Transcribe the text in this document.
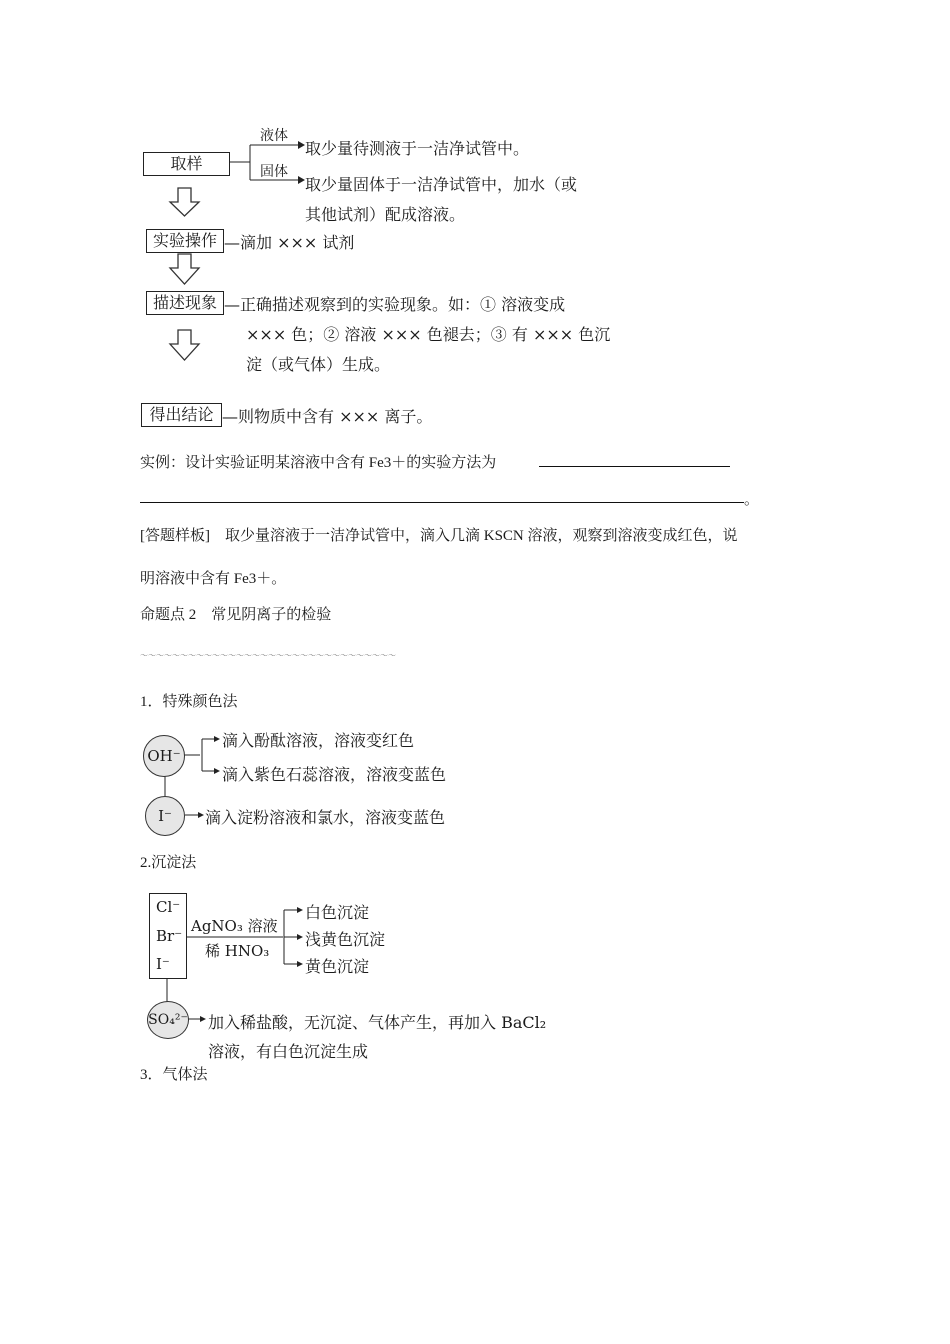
取样
液体
固体
取少量待测液于一洁净试管中。
取少量固体于一洁净试管中，加水（或
其他试剂）配成溶液。
实验操作 —滴加 ××× 试剂
描述现象 —正确描述观察到的实验现象。如：① 溶液变成
××× 色；② 溶液 ××× 色褪去；③ 有 ××× 色沉
淀（或气体）生成。
得出结论 —则物质中含有 ××× 离子。
实例：设计实验证明某溶液中含有 Fe3＋的实验方法为
。
[答题样板]　取少量溶液于一洁净试管中，滴入几滴 KSCN 溶液，观察到溶液变成红色，说
明溶液中含有 Fe3＋。
命题点 2　常见阴离子的检验
～～～～～～～～～～～～～～～～～～～～～～～～～～～～～～～～
1．特殊颜色法
OH⁻
滴入酚酞溶液，溶液变红色
滴入紫色石蕊溶液，溶液变蓝色
I⁻	滴入淀粉溶液和氯水，溶液变蓝色
2.沉淀法
Cl⁻
Br⁻
I⁻
AgNO₃ 溶液
稀 HNO₃
白色沉淀
浅黄色沉淀
黄色沉淀
SO₄²⁻ 加入稀盐酸，无沉淀、气体产生，再加入 BaCl₂
溶液，有白色沉淀生成
3．气体法
